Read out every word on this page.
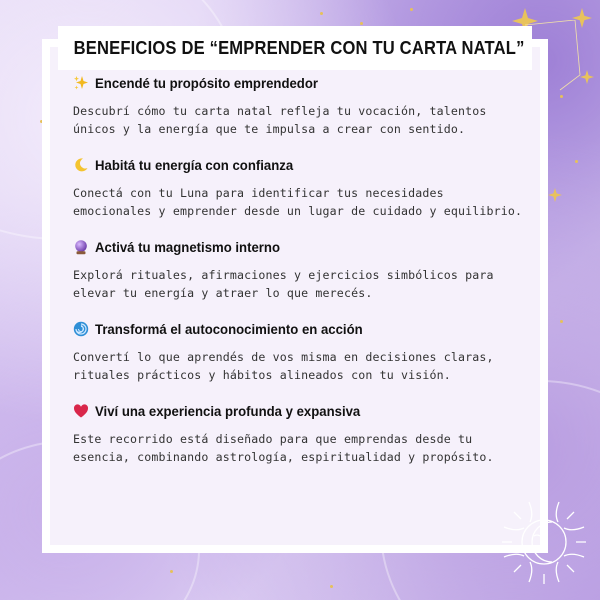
BENEFICIOS DE “EMPRENDER CON TU CARTA NATAL”
Encendé tu propósito emprendedor

Descubrí cómo tu carta natal refleja tu vocación, talentos únicos y la energía que te impulsa a crear con sentido.

Habitá tu energía con confianza

Conectá con tu Luna para identificar tus necesidades emocionales y emprender desde un lugar de cuidado y equilibrio.

Activá tu magnetismo interno

Explorá rituales, afirmaciones y ejercicios simbólicos para elevar tu energía y atraer lo que merecés.

Transformá el autoconocimiento en acción

Convertí lo que aprendés de vos misma en decisiones claras, rituales prácticos y hábitos alineados con tu visión.

Viví una experiencia profunda y expansiva

Este recorrido está diseñado para que emprendas desde tu esencia, combinando astrología, espiritualidad y propósito.
